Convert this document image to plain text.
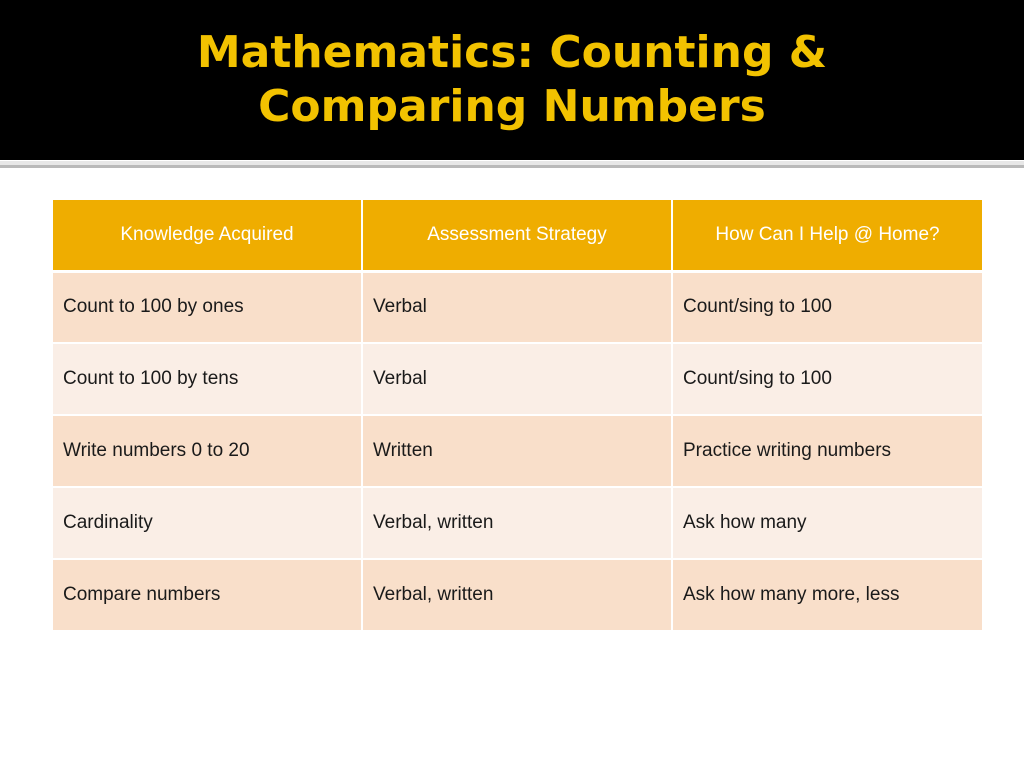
Mathematics: Counting &
Comparing Numbers
Knowledge Acquired	Assessment Strategy	How Can I Help @ Home?
Count to 100 by ones	Verbal	Count/sing to 100
Count to 100 by tens	Verbal	Count/sing to 100
Write numbers 0 to 20	Written	Practice writing numbers
Cardinality	Verbal, written	Ask how many
Compare numbers	Verbal, written	Ask how many more, less
